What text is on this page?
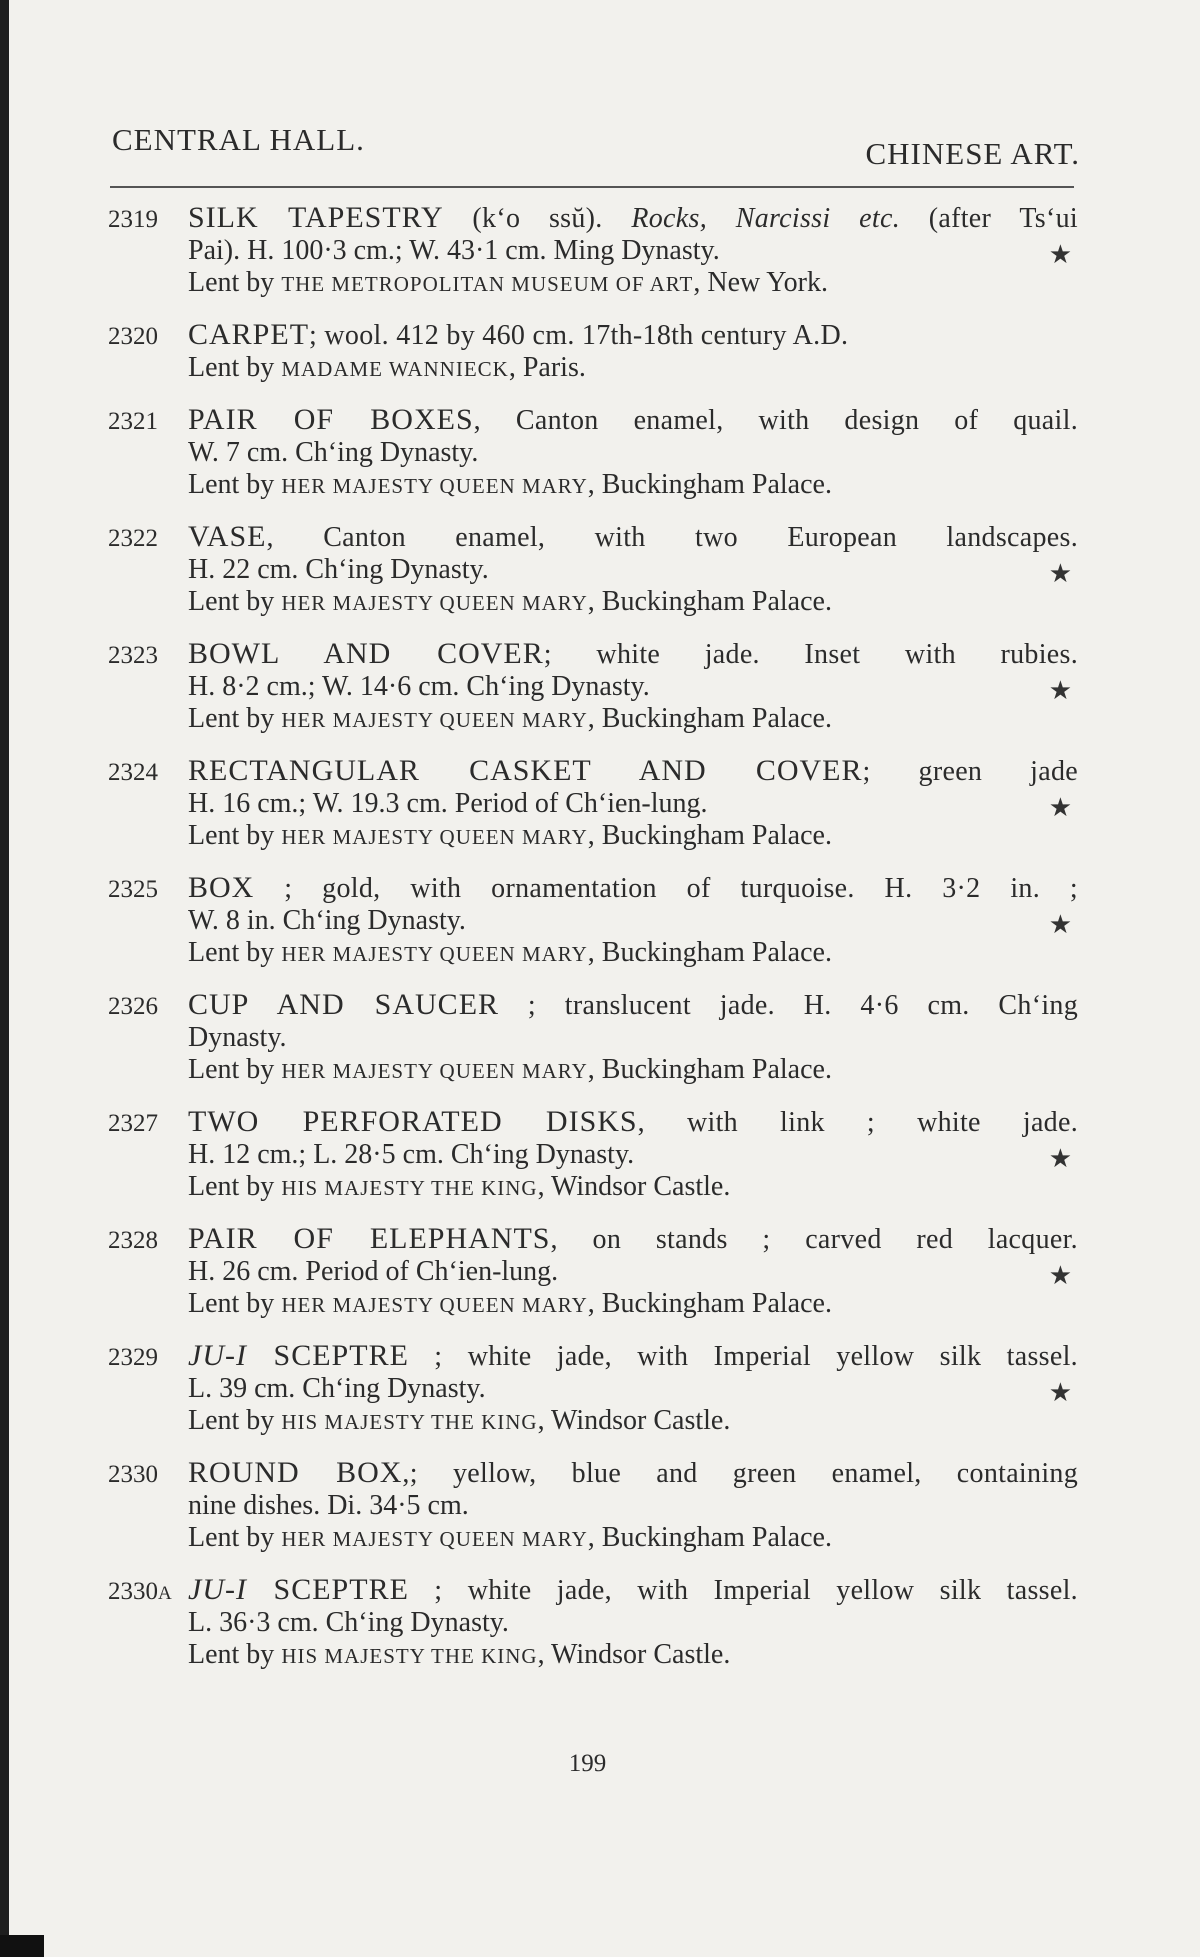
CENTRAL HALL.	CHINESE ART.
2319 SILK TAPESTRY (k‘o ssŭ). Rocks, Narcissi etc. (after Ts‘ui
Pai). H. 100·3 cm.; W. 43·1 cm. Ming Dynasty.	★
Lent by THE METROPOLITAN MUSEUM OF ART, New York.
2320 CARPET; wool. 412 by 460 cm. 17th-18th century A.D.
Lent by MADAME WANNIECK, Paris.
2321 PAIR OF BOXES, Canton enamel, with design of quail.
W. 7 cm. Ch‘ing Dynasty.
Lent by HER MAJESTY QUEEN MARY, Buckingham Palace.
2322 VASE, Canton enamel, with two European landscapes.
H. 22 cm. Ch‘ing Dynasty.	★
Lent by HER MAJESTY QUEEN MARY, Buckingham Palace.
2323 BOWL AND COVER; white jade. Inset with rubies.
H. 8·2 cm.; W. 14·6 cm. Ch‘ing Dynasty.	★
Lent by HER MAJESTY QUEEN MARY, Buckingham Palace.
2324 RECTANGULAR CASKET AND COVER; green jade
H. 16 cm.; W. 19.3 cm. Period of Ch‘ien-lung.	★
Lent by HER MAJESTY QUEEN MARY, Buckingham Palace.
2325 BOX ; gold, with ornamentation of turquoise. H. 3·2 in. ;
W. 8 in. Ch‘ing Dynasty.	★
Lent by HER MAJESTY QUEEN MARY, Buckingham Palace.
2326 CUP AND SAUCER ; translucent jade. H. 4·6 cm. Ch‘ing
Dynasty.
Lent by HER MAJESTY QUEEN MARY, Buckingham Palace.
2327 TWO PERFORATED DISKS, with link ; white jade.
H. 12 cm.; L. 28·5 cm. Ch‘ing Dynasty.	★
Lent by HIS MAJESTY THE KING, Windsor Castle.
2328 PAIR OF ELEPHANTS, on stands ; carved red lacquer.
H. 26 cm. Period of Ch‘ien-lung.	★
Lent by HER MAJESTY QUEEN MARY, Buckingham Palace.
2329 JU-I SCEPTRE ; white jade, with Imperial yellow silk tassel.
L. 39 cm. Ch‘ing Dynasty.	★
Lent by HIS MAJESTY THE KING, Windsor Castle.
2330 ROUND BOX,; yellow, blue and green enamel, containing
nine dishes. Di. 34·5 cm.
Lent by HER MAJESTY QUEEN MARY, Buckingham Palace.
2330A JU-I SCEPTRE ; white jade, with Imperial yellow silk tassel.
L. 36·3 cm. Ch‘ing Dynasty.
Lent by HIS MAJESTY THE KING, Windsor Castle.
199
